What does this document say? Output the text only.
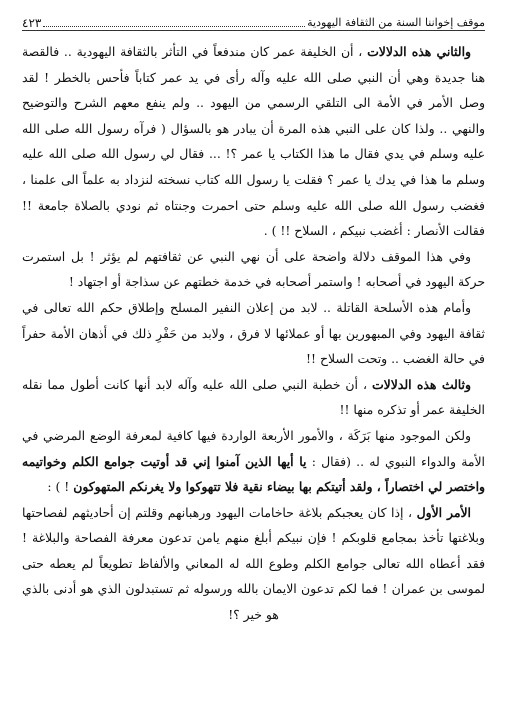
موقف إخواننا السنة من الثقافة اليهودية
٤٢٣

والثاني هذه الدلالات ، أن الخليفة عمر كان مندفعاً في التأثر بالثقافة اليهودية .. فالقصة هنا جديدة وهي أن النبي صلى الله عليه وآله رأى في يد عمر كتاباً فأحس بالخطر ! لقد وصل الأمر في الأمة الى التلقي الرسمي من اليهود .. ولم ينفع معهم الشرح والتوضيح والنهي .. ولذا كان على النبي هذه المرة أن يبادر هو بالسؤال ( فرآه رسول الله صلى الله عليه وسلم في يدي فقال ما هذا الكتاب يا عمر ؟! ... فقال لي رسول الله صلى الله عليه وسلم ما هذا في يدك يا عمر ؟ فقلت يا رسول الله كتاب نسخته لنزداد به علماً الى علمنا ، فغضب رسول الله صلى الله عليه وسلم حتى احمرت وجنتاه ثم نودي بالصلاة جامعة !! فقالت الأنصار : أغضب نبيكم ، السلاح !! ) .

وفي هذا الموقف دلالة واضحة على أن نهي النبي عن ثقافتهم لم يؤثر ! بل استمرت حركة اليهود في أصحابه ! واستمر أصحابه في خدمة خطتهم عن سذاجة أو اجتهاد !

وأمام هذه الأسلحة القاتلة .. لابد من إعلان النفير المسلح وإطلاق حكم الله تعالى في ثقافة اليهود وفي المبهورين بها أو عملائها لا فرق ، ولابد من حَفْرِ ذلك في أذهان الأمة حفراً في حالة الغضب .. وتحت السلاح !!

وثالث هذه الدلالات ، أن خطبة النبي صلى الله عليه وآله لابد أنها كانت أطول مما نقله الخليفة عمر أو تذكره منها !!

ولكن الموجود منها بَرَكَة ، والأمور الأربعة الواردة فيها كافية لمعرفة الوضع المرضي في الأمة والدواء النبوي له .. (فقال : يا أيها الذين آمنوا إني قد أوتيت جوامع الكلم وخواتيمه واختصر لي اختصاراً ، ولقد أتيتكم بها بيضاء نقية فلا تتهوكوا ولا يغرنكم المتهوكون ! ) :

الأمر الأول ، إذا كان يعجبكم بلاغة حاخامات اليهود ورهبانهم وقلتم إن أحاديثهم لفصاحتها وبلاغتها تأخذ بمجامع قلوبكم ! فإن نبيكم أبلغ منهم يامن تدعون معرفة الفصاحة والبلاغة ! فقد أعطاه الله تعالى جوامع الكلم وطوع الله له المعاني والألفاظ تطويعاً لم يعطه حتى لموسى بن عمران ! فما لكم تدعون الايمان بالله ورسوله ثم تستبدلون الذي هو أدنى بالذي هو خير ؟!
